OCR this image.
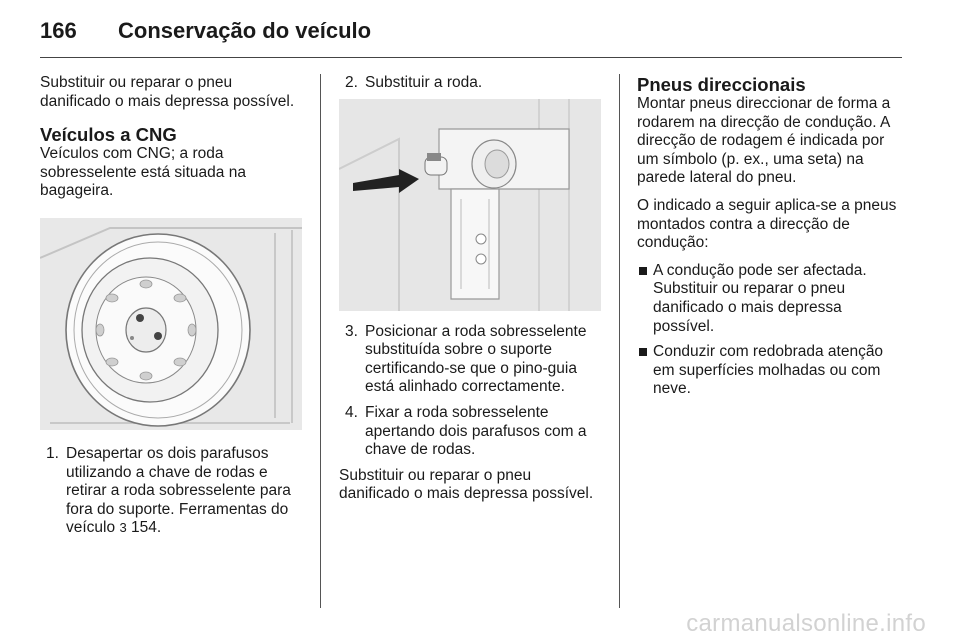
166 Conservação do veículo

Substituir ou reparar o pneu danificado o mais depressa possível.

Veículos a CNG

Veículos com CNG; a roda sobresselente está situada na bagageira.

1. Desapertar os dois parafusos utilizando a chave de rodas e retirar a roda sobresselente para fora do suporte. Ferramentas do veículo 3 154.
2. Substituir a roda.
3. Posicionar a roda sobresselente substituída sobre o suporte certificando-se que o pino-guia está alinhado correctamente.
4. Fixar a roda sobresselente apertando dois parafusos com a chave de rodas.

Substituir ou reparar o pneu danificado o mais depressa possível.

Pneus direccionais

Montar pneus direccionar de forma a rodarem na direcção de condução. A direcção de rodagem é indicada por um símbolo (p. ex., uma seta) na parede lateral do pneu.

O indicado a seguir aplica-se a pneus montados contra a direcção de condução:

A condução pode ser afectada. Substituir ou reparar o pneu danificado o mais depressa possível.
Conduzir com redobrada atenção em superfícies molhadas ou com neve.
carmanualsonline.info
